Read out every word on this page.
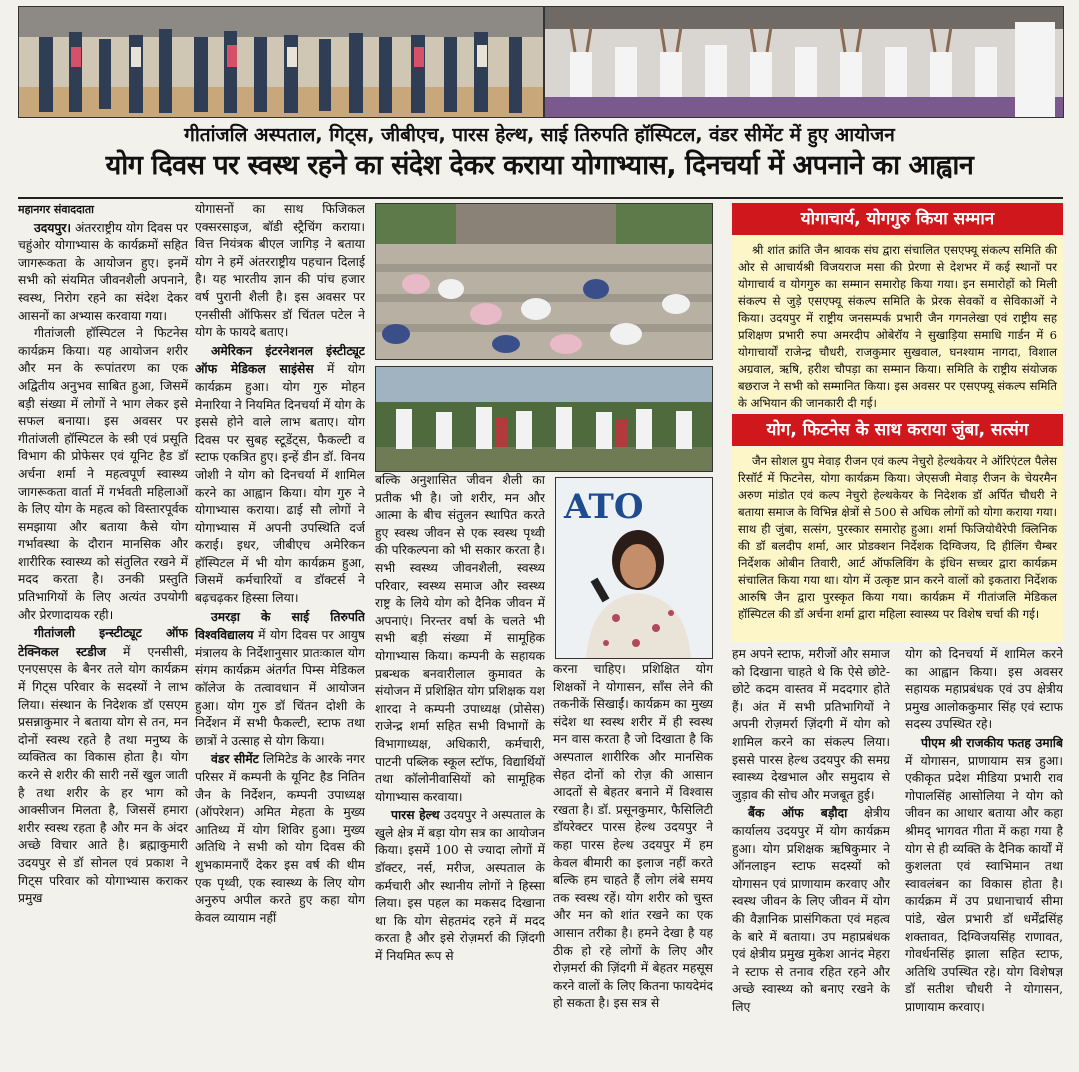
गीतांजलि अस्पताल, गिट्स, जीबीएच, पारस हेल्थ, साई तिरुपति हॉस्पिटल, वंडर सीमेंट में हुए आयोजन
योग दिवस पर स्वस्थ रहने का संदेश देकर कराया योगाभ्यास, दिनचर्या में अपनाने का आह्वान

महानगर संवाददाता

उदयपुर। अंतरराष्ट्रीय योग दिवस पर चहुंओर योगाभ्यास के कार्यक्रमों सहित जागरूकता के आयोजन हुए। इनमें सभी को संयमित जीवनशैली अपनाने, स्वस्थ, निरोग रहने का संदेश देकर आसनों का अभ्यास करवाया गया।

गीतांजली हॉस्पिटल ने फिटनेस कार्यक्रम किया। यह आयोजन शरीर और मन के रूपांतरण का एक अद्वितीय अनुभव साबित हुआ, जिसमें बड़ी संख्या में लोगों ने भाग लेकर इसे सफल बनाया। इस अवसर पर गीतांजली हॉस्पिटल के स्त्री एवं प्रसूति विभाग की प्रोफेसर एवं यूनिट हैड डॉ अर्चना शर्मा ने महत्वपूर्ण स्वास्थ्य जागरूकता वार्ता में गर्भवती महिलाओं के लिए योग के महत्व को विस्तारपूर्वक समझाया और बताया कैसे योग गर्भावस्था के दौरान मानसिक और शारीरिक स्वास्थ्य को संतुलित रखने में मदद करता है। उनकी प्रस्तुति प्रतिभागियों के लिए अत्यंत उपयोगी और प्रेरणादायक रही।

गीतांजली इन्स्टीट्यूट ऑफ टेक्निकल स्टडीज में एनसीसी, एनएसएस के बैनर तले योग कार्यक्रम में गिट्स परिवार के सदस्यों ने लाभ लिया। संस्थान के निदेशक डॉ एसएम प्रसन्नाकुमार ने बताया योग से तन, मन दोनों स्वस्थ रहते है तथा मनुष्य के व्यक्तित्व का विकास होता है। योग करने से शरीर की सारी नसें खुल जाती है तथा शरीर के हर भाग को आक्सीजन मिलता है, जिससें हमारा शरीर स्वस्थ रहता है और मन के अंदर अच्छे विचार आते है। ब्रह्माकुमारी उदयपुर से डॉ सोनल एवं प्रकाश ने गिट्स परिवार को योगाभ्यास कराकर प्रमुख

योगासनों का साथ फिजिकल एक्सरसाइज, बॉडी स्ट्रैचिंग कराया। वित्त नियंत्रक बीएल जागिड़ ने बताया योग ने हमें अंतरराष्ट्रीय पहचान दिलाई है। यह भारतीय ज्ञान की पांच हजार वर्ष पुरानी शैली है। इस अवसर पर एनसीसी ऑफिसर डॉ चिंतल पटेल ने योग के फायदे बताए।

अमेरिकन इंटरनेशनल इंस्टीट्यूट ऑफ मेडिकल साइंसेस में योग कार्यक्रम हुआ। योग गुरु मोहन मेनारिया ने नियमित दिनचर्या में योग के इससे होने वाले लाभ बताए। योग दिवस पर सुबह स्टूडेंट्स, फैकल्टी व स्टाफ एकत्रित हुए। इन्हें डीन डॉ. विनय जोशी ने योग को दिनचर्या में शामिल करने का आह्वान किया। योग गुरु ने योगाभ्यास कराया। ढाई सौ लोगों ने योगाभ्यास में अपनी उपस्थिति दर्ज कराई। इधर, जीबीएच अमेरिकन हॉस्पिटल में भी योग कार्यक्रम हुआ, जिसमें कर्मचारियों व डॉक्टर्स ने बढ़चढ़कर हिस्सा लिया।

उमरड़ा के साई तिरुपति विश्वविद्यालय में योग दिवस पर आयुष मंत्रालय के निर्देशानुसार प्रातःकाल योग संगम कार्यक्रम अंतर्गत पिम्स मेडिकल कॉलेज के तत्वावधान में आयोजन हुआ। योग गुरु डॉ चिंतन दोशी के निर्देशन में सभी फैकल्टी, स्टाफ तथा छात्रों ने उत्साह से योग किया।

वंडर सीमेंट लिमिटेड के आरके नगर परिसर में कम्पनी के यूनिट हैड नितिन जैन के निर्देशन, कम्पनी उपाध्यक्ष (ऑपरेशन) अमित मेहता के मुख्य आतिथ्य में योग शिविर हुआ। मुख्य अतिथि ने सभी को योग दिवस की शुभकामनाएँ देकर इस वर्ष की थीम एक पृथ्वी, एक स्वास्थ्य के लिए योग अनुरुप अपील करते हुए कहा योग केवल व्यायाम नहीं

ATO

बल्कि अनुशासित जीवन शैली का प्रतीक भी है। जो शरीर, मन और आत्मा के बीच संतुलन स्थापित करते हुए स्वस्थ जीवन से एक स्वस्थ पृथ्वी की परिकल्पना को भी सकार करता है। सभी स्वस्थ्य जीवनशैली, स्वस्थ्य परिवार, स्वस्थ्य समाज और स्वस्थ्य राष्ट्र के लिये योग को दैनिक जीवन में अपनाएं। निरन्तर वर्षा के चलते भी सभी बड़ी संख्या में सामूहिक योगाभ्यास किया। कम्पनी के सहायक प्रबन्धक बनवारीलाल कुमावत के संयोजन में प्रशिक्षित योग प्रशिक्षक यश शारदा ने कम्पनी उपाध्यक्ष (प्रोसेस) राजेन्द्र शर्मा सहित सभी विभागों के विभागाध्यक्ष, अधिकारी, कर्मचारी, पाटनी पब्लिक स्कूल स्टॉफ, विद्यार्थियों तथा कॉलोनीवासियों को सामूहिक योगाभ्यास करवाया।

पारस हेल्थ उदयपुर ने अस्पताल के खुले क्षेत्र में बड़ा योग सत्र का आयोजन किया। इसमें 100 से ज्यादा लोगों में डॉक्टर, नर्स, मरीज, अस्पताल के कर्मचारी और स्थानीय लोगों ने हिस्सा लिया। इस पहल का मकसद दिखाना था कि योग सेहतमंद रहने में मदद करता है और इसे रोज़मर्रा की ज़िंदगी में नियमित रूप से

करना चाहिए। प्रशिक्षित योग शिक्षकों ने योगासन, साँस लेने की तकनीकें सिखाईं। कार्यक्रम का मुख्य संदेश था स्वस्थ शरीर में ही स्वस्थ मन वास करता है जो दिखाता है कि अस्पताल शारीरिक और मानसिक सेहत दोनों को रोज़ की आसान आदतों से बेहतर बनाने में विश्वास रखता है। डॉ. प्रसूनकुमार, फैसिलिटी डॉयरेक्टर पारस हेल्थ उदयपुर ने कहा पारस हेल्थ उदयपुर में हम केवल बीमारी का इलाज नहीं करते बल्कि हम चाहते हैं लोग लंबे समय तक स्वस्थ रहें। योग शरीर को चुस्त और मन को शांत रखने का एक आसान तरीका है। हमने देखा है यह ठीक हो रहे लोगों के लिए और रोज़मर्रा की ज़िंदगी में बेहतर महसूस करने वालों के लिए कितना फायदेमंद हो सकता है। इस सत्र से

योगाचार्य, योगगुरु किया सम्मान

श्री शांत क्रांति जैन श्रावक संघ द्वारा संचालित एसएफ्यू संकल्प समिति की ओर से आचार्यश्री विजयराज मसा की प्रेरणा से देशभर में कई स्थानों पर योगाचार्य व योगगुरु का सम्मान समारोह किया गया। इन समारोहों को मिली संकल्प से जुड़े एसएफ्यू संकल्प समिति के प्रेरक सेवकों व सेविकाओं ने किया। उदयपुर में राष्ट्रीय जनसम्पर्क प्रभारी जैन गगनलेखा एवं राष्ट्रीय सह प्रशिक्षण प्रभारी रुपा अमरदीप ओबेरॉय ने सुखाड़िया समाधि गार्डन में 6 योगाचार्यों राजेन्द्र चौधरी, राजकुमार सुखवाल, घनश्याम नागदा, विशाल अग्रवाल, ऋषि, हरीश चौपड़ा का सम्मान किया। समिति के राष्ट्रीय संयोजक बछराज ने सभी को सम्मानित किया। इस अवसर पर एसएफ्यू संकल्प समिति के अभियान की जानकारी दी गई।

योग, फिटनेस के साथ कराया जुंबा, सत्संग

जैन सोशल ग्रुप मेवाड़ रीजन एवं कल्प नेचुरो हेल्थकेयर ने ऑरिएंटल पैलेस रिसॉर्ट में फिटनेस, योगा कार्यक्रम किया। जेएसजी मेवाड़ रीजन के चेयरमैन अरुण मांडोत एवं कल्प नेचुरो हेल्थकेयर के निदेशक डॉ अर्पित चौधरी ने बताया समाज के विभिन्न क्षेत्रों से 500 से अधिक लोगों को योगा कराया गया। साथ ही जुंबा, सत्संग, पुरस्कार समारोह हुआ। शर्मा फिजियोथैरेपी क्लिनिक की डॉ बलदीप शर्मा, आर प्रोडक्शन निर्देशक दिग्विजय, दि हीलिंग चैम्बर निर्देशक ओबीन तिवारी, आर्ट ऑफलिविंग के इंधिन सच्चर द्वारा कार्यक्रम संचालित किया गया था। योग में उत्कृष्ट प्रान करने वालों को इकतारा निर्देशक आरुषि जैन द्वारा पुरस्कृत किया गया। कार्यक्रम में गीतांजलि मेडिकल हॉस्पिटल की डॉ अर्चना शर्मा द्वारा महिला स्वास्थ्य पर विशेष चर्चा की गई।

हम अपने स्टाफ, मरीजों और समाज को दिखाना चाहते थे कि ऐसे छोटे-छोटे कदम वास्तव में मददगार होते हैं। अंत में सभी प्रतिभागियों ने अपनी रोज़मर्रा ज़िंदगी में योग को शामिल करने का संकल्प लिया। इससे पारस हेल्थ उदयपुर की समग्र स्वास्थ्य देखभाल और समुदाय से जुड़ाव की सोच और मजबूत हुई।

बैंक ऑफ बड़ौदा क्षेत्रीय कार्यालय उदयपुर में योग कार्यक्रम हुआ। योग प्रशिक्षक ऋषिकुमार ने ऑनलाइन स्टाफ सदस्यों को योगासन एवं प्राणायाम करवाए और स्वस्थ जीवन के लिए जीवन में योग की वैज्ञानिक प्रासंगिकता एवं महत्व के बारे में बताया। उप महाप्रबंधक एवं क्षेत्रीय प्रमुख मुकेश आनंद मेहरा ने स्टाफ से तनाव रहित रहने और अच्छे स्वास्थ्य को बनाए रखने के लिए

योग को दिनचर्या में शामिल करने का आह्वान किया। इस अवसर सहायक महाप्रबंधक एवं उप क्षेत्रीय प्रमुख आलोककुमार सिंह एवं स्टाफ सदस्य उपस्थित रहे।

पीएम श्री राजकीय फतह उमाबि में योगासन, प्राणायाम सत्र हुआ। एकीकृत प्रदेश मीडिया प्रभारी राव गोपालसिंह आसोलिया ने योग को जीवन का आधार बताया और कहा श्रीमद् भागवत गीता में कहा गया है योग से ही व्यक्ति के दैनिक कार्यों में कुशलता एवं स्वाभिमान तथा स्वावलंबन का विकास होता है। कार्यक्रम में उप प्रधानाचार्य सीमा पांडे, खेल प्रभारी डॉ धर्मेंद्रसिंह शक्तावत, दिग्विजयसिंह राणावत, गोवर्धनसिंह झाला सहित स्टाफ, अतिथि उपस्थित रहे। योग विशेषज्ञ डॉ सतीश चौधरी ने योगासन, प्राणायाम करवाए।
